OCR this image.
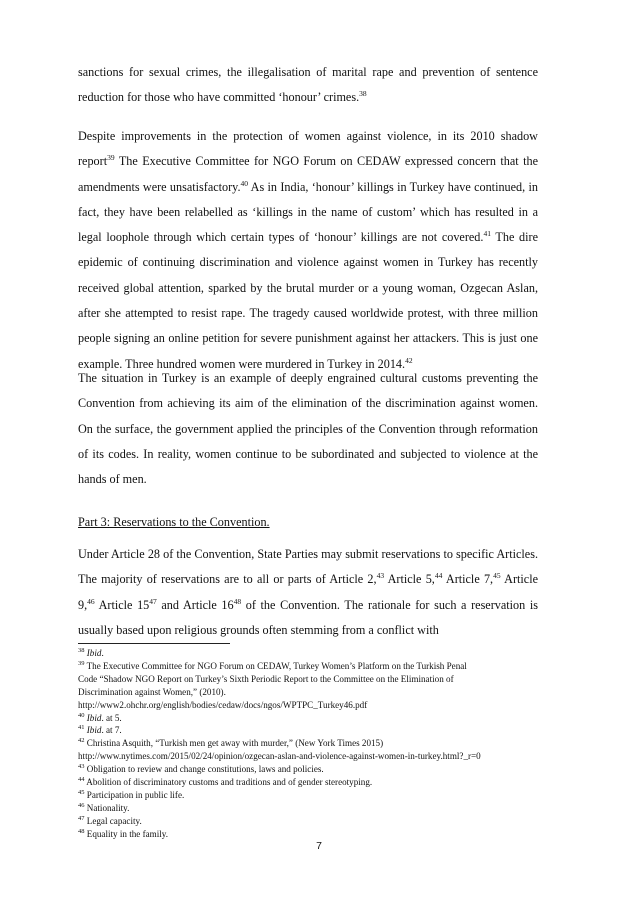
sanctions for sexual crimes, the illegalisation of marital rape and prevention of sentence reduction for those who have committed ‘honour’ crimes.$^{38}$

Despite improvements in the protection of women against violence, in its 2010 shadow report$^{39}$ The Executive Committee for NGO Forum on CEDAW expressed concern that the amendments were unsatisfactory.$^{40}$ As in India, ‘honour’ killings in Turkey have continued, in fact, they have been relabelled as ‘killings in the name of custom’ which has resulted in a legal loophole through which certain types of ‘honour’ killings are not covered.$^{41}$ The dire epidemic of continuing discrimination and violence against women in Turkey has recently received global attention, sparked by the brutal murder or a young woman, Ozgecan Aslan, after she attempted to resist rape. The tragedy caused worldwide protest, with three million people signing an online petition for severe punishment against her attackers. This is just one example. Three hundred women were murdered in Turkey in 2014.42

The situation in Turkey is an example of deeply engrained cultural customs preventing the Convention from achieving its aim of the elimination of the discrimination against women. On the surface, the government applied the principles of the Convention through reformation of its codes. In reality, women continue to be subordinated and subjected to violence at the hands of men.

Part 3: Reservations to the Convention.

Under Article 28 of the Convention, State Parties may submit reservations to specific Articles. The majority of reservations are to all or parts of Article 2,43 Article 5,44 Article 7,45 Article 9,46 Article $15^{47}$ and Article $16^{48}$ of the Convention. The rationale for such a reservation is usually based upon religious grounds often stemming from a conflict with

$^{38}$ Ibid.

$^{39}$ The Executive Committee for NGO Forum on CEDAW, Turkey Women’s Platform on the Turkish Penal

Code “Shadow NGO Report on Turkey’s Sixth Periodic Report to the Committee on the Elimination of

Discrimination against Women,” (2010).

http://www2.ohchr.org/english/bodies/cedaw/docs/ngos/WPTPC_Turkey46.pdf

$^{40}$ Ibid. at 5.

$^{41}$ Ibid. at 7.

$^{42}$ Christina Asquith, “Turkish men get away with murder,” (New York Times 2015)

http://www.nytimes.com/2015/02/24/opinion/ozgecan-aslan-and-violence-against-women-in-turkey.html?_r=0

$^{43}$ Obligation to review and change constitutions, laws and policies.

$^{44}$ Abolition of discriminatory customs and traditions and of gender stereotyping.

$^{45}$ Participation in public life.

$^{46}$ Nationality.

$^{47}$ Legal capacity.

$^{48}$ Equality in the family.

7
